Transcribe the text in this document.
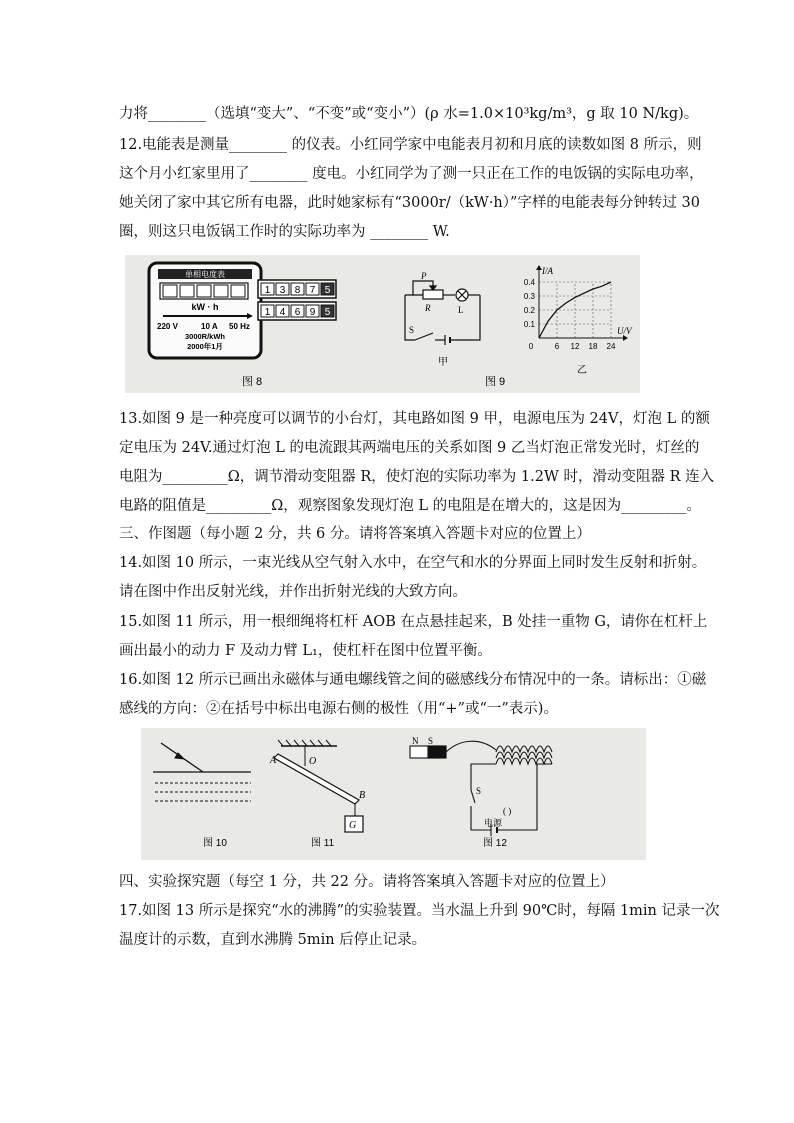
力将________（选填“变大”、“不变”或“变小”）(ρ 水=1.0×10³kg/m³，g 取 10 N/kg)。
12.电能表是测量________ 的仪表。小红同学家中电能表月初和月底的读数如图 8 所示，则
这个月小红家里用了________ 度电。小红同学为了测一只正在工作的电饭锅的实际电功率，
她关闭了家中其它所有电器，此时她家标有“3000r/（kW·h）”字样的电能表每分钟转过 30
圈，则这只电饭锅工作时的实际功率为 ________ W.
单相电度表
kW · h
220 V	10 A 50 Hz
3000R/kWh
2000年1月
1 3 8 7 5
1 4 6 9 5
图 8
P
R	L
S
甲
图 9
0	6 12 18 24
0.1
0.2
0.3
0.4
U/V
I/A
乙
13.如图 9 是一种亮度可以调节的小台灯，其电路如图 9 甲，电源电压为 24V，灯泡 L 的额
定电压为 24V.通过灯泡 L 的电流跟其两端电压的关系如图 9 乙当灯泡正常发光时，灯丝的
电阻为_________Ω，调节滑动变阻器 R，使灯泡的实际功率为 1.2W 时，滑动变阻器 R 连入
电路的阻值是_________Ω，观察图象发现灯泡 L 的电阻是在增大的，这是因为_________。
三、作图题（每小题 2 分，共 6 分。请将答案填入答题卡对应的位置上）
14.如图 10 所示，一束光线从空气射入水中，在空气和水的分界面上同时发生反射和折射。
请在图中作出反射光线，并作出折射光线的大致方向。
15.如图 11 所示，用一根细绳将杠杆 AOB 在点悬挂起来，B 处挂一重物 G，请你在杠杆上
画出最小的动力 F 及动力臂 L₁，使杠杆在图中位置平衡。
16.如图 12 所示已画出永磁体与通电螺线管之间的磁感线分布情况中的一条。请标出：①磁
感线的方向：②在括号中标出电源右侧的极性（用“+”或“一”表示)。
图 10
A	O
B
G
图 11
N S
S
( )
电源
图 12
四、实验探究题（每空 1 分，共 22 分。请将答案填入答题卡对应的位置上）
17.如图 13 所示是探究“水的沸腾”的实验装置。当水温上升到 90℃时，每隔 1min 记录一次
温度计的示数，直到水沸腾 5min 后停止记录。
